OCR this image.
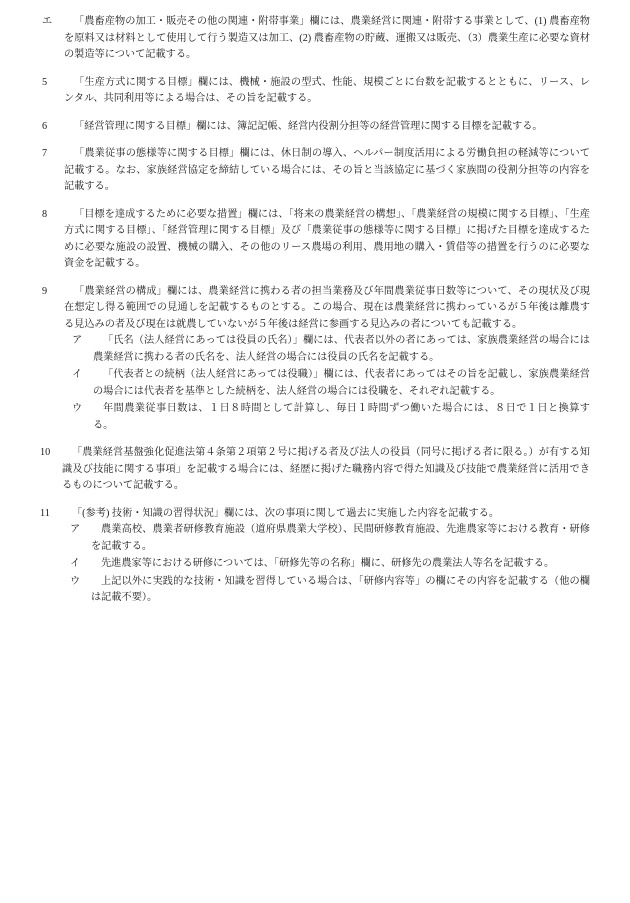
エ	「農畜産物の加工・販売その他の関連・附帯事業」欄には、農業経営に関連・附帯する事業として、(1) 農畜産物を原料又は材料として使用して行う製造又は加工、(2) 農畜産物の貯蔵、運搬又は販売、（3）農業生産に必要な資材の製造等について記載する。

5	「生産方式に関する目標」欄には、機械・施設の型式、性能、規模ごとに台数を記載するとともに、リース、レンタル、共同利用等による場合は、その旨を記載する。

6	「経営管理に関する目標」欄には、簿記記帳、経営内役割分担等の経営管理に関する目標を記載する。

7	「農業従事の態様等に関する目標」欄には、休日制の導入、ヘルパー制度活用による労働負担の軽減等について記載する。なお、家族経営協定を締結している場合には、その旨と当該協定に基づく家族間の役割分担等の内容を記載する。

8	「目標を達成するために必要な措置」欄には、「将来の農業経営の構想」、「農業経営の規模に関する目標」、「生産方式に関する目標」、「経営管理に関する目標」及び「農業従事の態様等に関する目標」に掲げた目標を達成するために必要な施設の設置、機械の購入、その他のリース農場の利用、農用地の購入・賃借等の措置を行うのに必要な資金を記載する。

9	「農業経営の構成」欄には、農業経営に携わる者の担当業務及び年間農業従事日数等について、その現状及び現在想定し得る範囲での見通しを記載するものとする。この場合、現在は農業経営に携わっているが５年後は離農する見込みの者及び現在は就農していないが５年後は経営に参画する見込みの者についても記載する。

ア	「氏名（法人経営にあっては役員の氏名）」欄には、代表者以外の者にあっては、家族農業経営の場合には農業経営に携わる者の氏名を、法人経営の場合には役員の氏名を記載する。

イ	「代表者との続柄（法人経営にあっては役職）」欄には、代表者にあってはその旨を記載し、家族農業経営の場合には代表者を基準とした続柄を、法人経営の場合には役職を、それぞれ記載する。

ウ	年間農業従事日数は、１日８時間として計算し、毎日１時間ずつ働いた場合には、８日で１日と換算する。

10	「農業経営基盤強化促進法第４条第２項第２号に掲げる者及び法人の役員（同号に掲げる者に限る。）が有する知識及び技能に関する事項」を記載する場合には、経歴に掲げた職務内容で得た知識及び技能で農業経営に活用できるものについて記載する。

11	「(参考) 技術・知識の習得状況」欄には、次の事項に関して過去に実施した内容を記載する。

ア	農業高校、農業者研修教育施設（道府県農業大学校）、民間研修教育施設、先進農家等における教育・研修を記載する。

イ	先進農家等における研修については、「研修先等の名称」欄に、研修先の農業法人等名を記載する。

ウ	上記以外に実践的な技術・知識を習得している場合は、「研修内容等」の欄にその内容を記載する（他の欄は記載不要）。
